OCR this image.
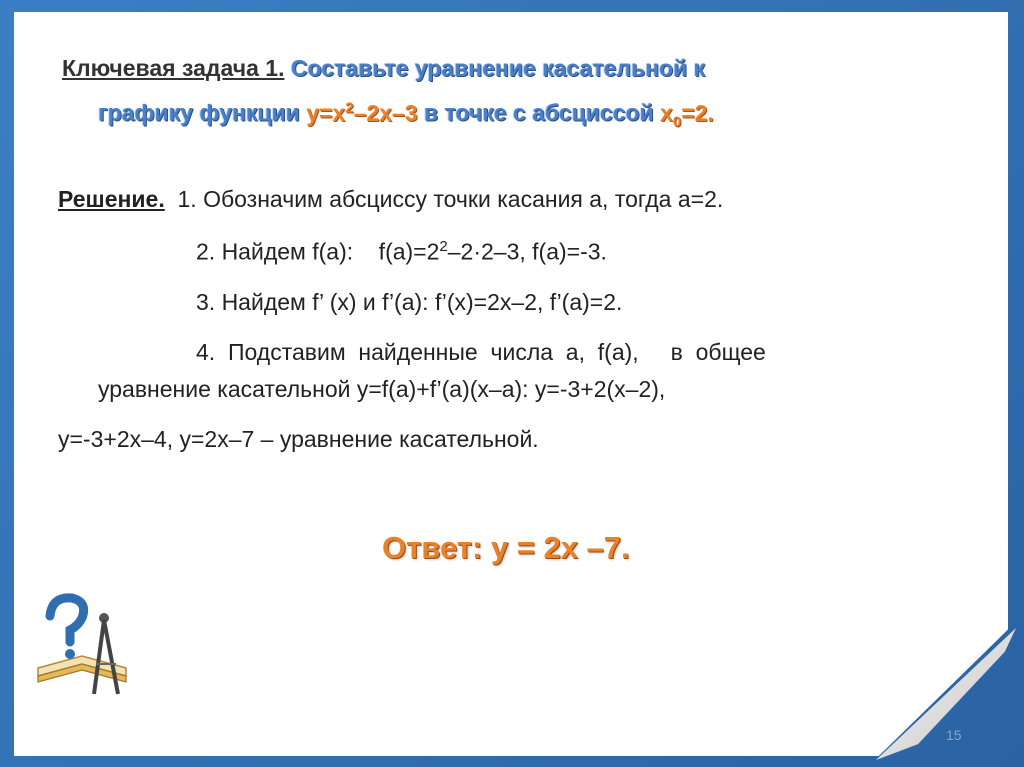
Ключевая задача 1. Составьте уравнение касательной к
графику функции $y=x^2-2x-3$ в точке с абсциссой $x_0=2$.
Решение. 1. Обозначим абсциссу точки касания a, тогда a=2.
2. Найдем f(a):    $f(a)=2^2-2\cdot 2-3$, f(a)=-3.
3. Найдем f’ (x) и f’(a): f’(x)=2x–2, f’(a)=2.
4.  Подставим  найденные  числа  a,  f(a),     в  общее
уравнение касательной y=f(a)+f’(a)(x–a): y=-3+2(x–2),
y=-3+2x–4, y=2x–7 – уравнение касательной.
Ответ: y = 2x –7.
15
